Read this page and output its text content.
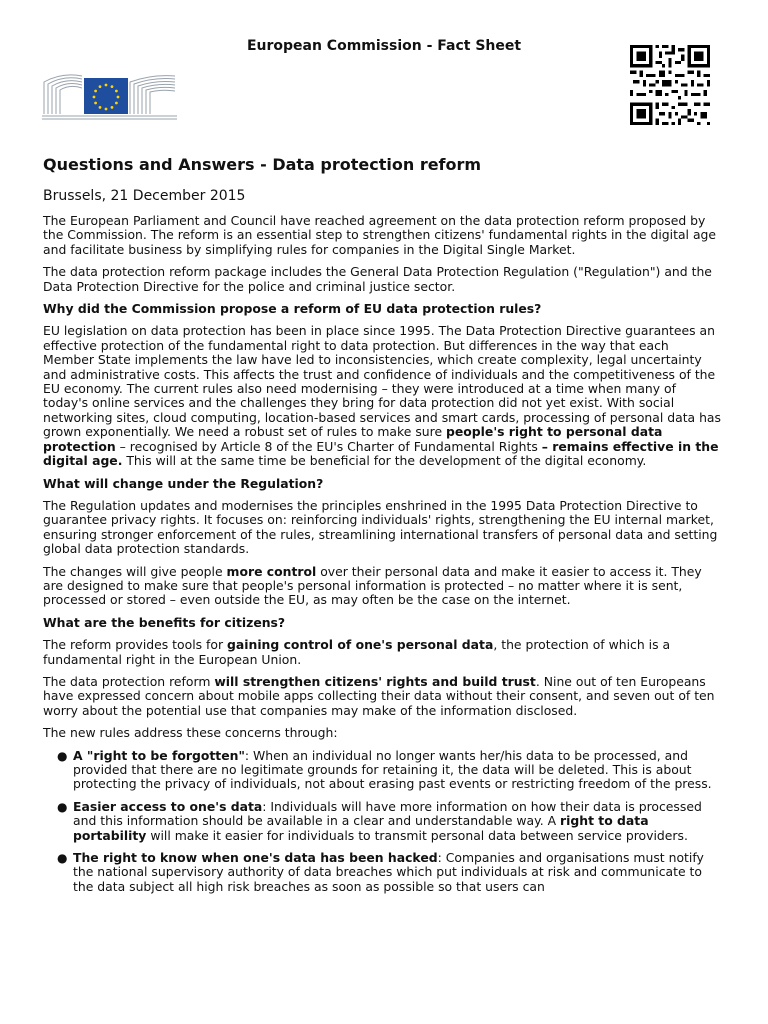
European Commission - Fact Sheet
Questions and Answers - Data protection reform
Brussels, 21 December 2015

The European Parliament and Council have reached agreement on the data protection reform proposed by the Commission. The reform is an essential step to strengthen citizens' fundamental rights in the digital age and facilitate business by simplifying rules for companies in the Digital Single Market.

The data protection reform package includes the General Data Protection Regulation ("Regulation") and the Data Protection Directive for the police and criminal justice sector.

Why did the Commission propose a reform of EU data protection rules?

EU legislation on data protection has been in place since 1995. The Data Protection Directive guarantees an effective protection of the fundamental right to data protection. But differences in the way that each Member State implements the law have led to inconsistencies, which create complexity, legal uncertainty and administrative costs. This affects the trust and confidence of individuals and the competitiveness of the EU economy. The current rules also need modernising – they were introduced at a time when many of today's online services and the challenges they bring for data protection did not yet exist. With social networking sites, cloud computing, location-based services and smart cards, processing of personal data has grown exponentially. We need a robust set of rules to make sure people's right to personal data protection – recognised by Article 8 of the EU's Charter of Fundamental Rights – remains effective in the digital age. This will at the same time be beneficial for the development of the digital economy.

What will change under the Regulation?

The Regulation updates and modernises the principles enshrined in the 1995 Data Protection Directive to guarantee privacy rights. It focuses on: reinforcing individuals' rights, strengthening the EU internal market, ensuring stronger enforcement of the rules, streamlining international transfers of personal data and setting global data protection standards.

The changes will give people more control over their personal data and make it easier to access it. They are designed to make sure that people's personal information is protected – no matter where it is sent, processed or stored – even outside the EU, as may often be the case on the internet.

What are the benefits for citizens?

The reform provides tools for gaining control of one's personal data, the protection of which is a fundamental right in the European Union.

The data protection reform will strengthen citizens' rights and build trust. Nine out of ten Europeans have expressed concern about mobile apps collecting their data without their consent, and seven out of ten worry about the potential use that companies may make of the information disclosed.

The new rules address these concerns through:

● A "right to be forgotten": When an individual no longer wants her/his data to be processed, and provided that there are no legitimate grounds for retaining it, the data will be deleted. This is about protecting the privacy of individuals, not about erasing past events or restricting freedom of the press.
● Easier access to one's data: Individuals will have more information on how their data is processed and this information should be available in a clear and understandable way. A right to data portability will make it easier for individuals to transmit personal data between service providers.
● The right to know when one's data has been hacked: Companies and organisations must notify the national supervisory authority of data breaches which put individuals at risk and communicate to the data subject all high risk breaches as soon as possible so that users can
